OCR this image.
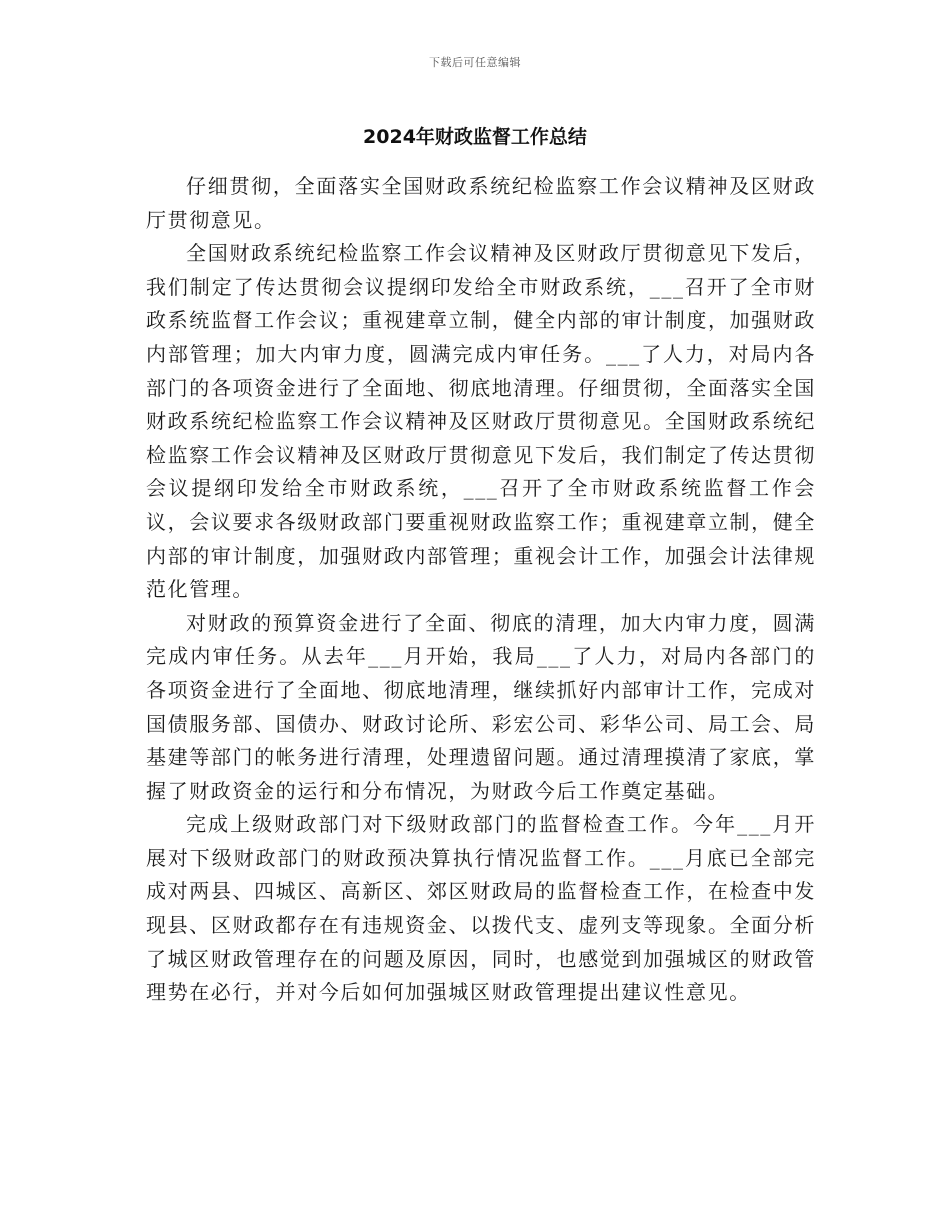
下载后可任意编辑
2024年财政监督工作总结

仔细贯彻，全面落实全国财政系统纪检监察工作会议精神及区财政厅贯彻意见。

全国财政系统纪检监察工作会议精神及区财政厅贯彻意见下发后，我们制定了传达贯彻会议提纲印发给全市财政系统，___召开了全市财政系统监督工作会议；重视建章立制，健全内部的审计制度，加强财政内部管理；加大内审力度，圆满完成内审任务。___了人力，对局内各部门的各项资金进行了全面地、彻底地清理。仔细贯彻，全面落实全国财政系统纪检监察工作会议精神及区财政厅贯彻意见。全国财政系统纪检监察工作会议精神及区财政厅贯彻意见下发后，我们制定了传达贯彻会议提纲印发给全市财政系统，___召开了全市财政系统监督工作会议，会议要求各级财政部门要重视财政监察工作；重视建章立制，健全内部的审计制度，加强财政内部管理；重视会计工作，加强会计法律规范化管理。

对财政的预算资金进行了全面、彻底的清理，加大内审力度，圆满完成内审任务。从去年___月开始，我局___了人力，对局内各部门的各项资金进行了全面地、彻底地清理，继续抓好内部审计工作，完成对国债服务部、国债办、财政讨论所、彩宏公司、彩华公司、局工会、局基建等部门的帐务进行清理，处理遗留问题。通过清理摸清了家底，掌握了财政资金的运行和分布情况，为财政今后工作奠定基础。

完成上级财政部门对下级财政部门的监督检查工作。今年___月开展对下级财政部门的财政预决算执行情况监督工作。___月底已全部完成对两县、四城区、高新区、郊区财政局的监督检查工作，在检查中发现县、区财政都存在有违规资金、以拨代支、虚列支等现象。全面分析了城区财政管理存在的问题及原因，同时，也感觉到加强城区的财政管理势在必行，并对今后如何加强城区财政管理提出建议性意见。
